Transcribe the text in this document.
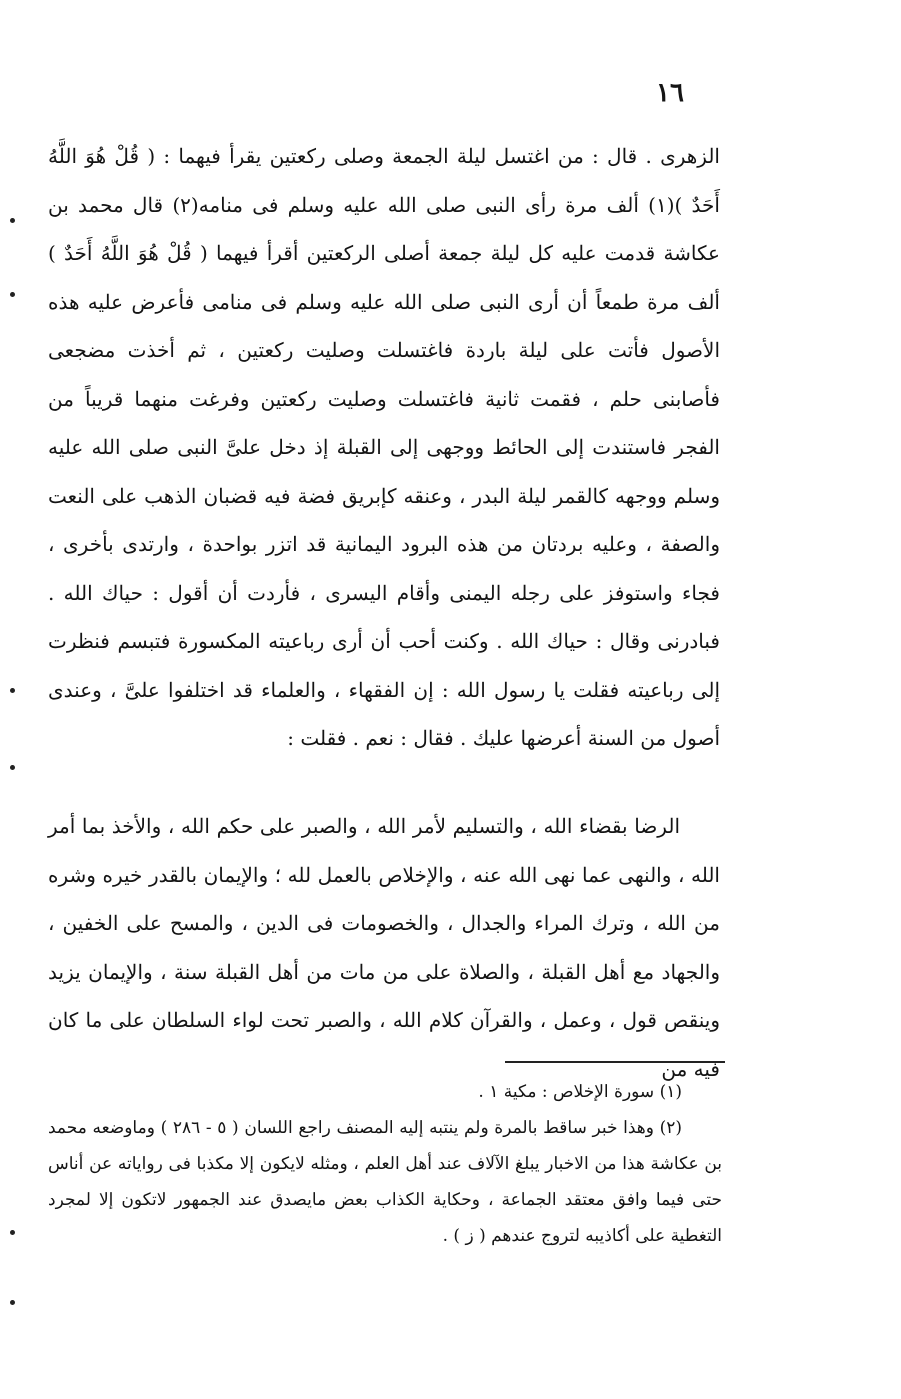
١٦

الزهرى . قال : من اغتسل ليلة الجمعة وصلى ركعتين يقرأ فيهما : ( قُلْ هُوَ اللَّهُ أَحَدٌ )(١) ألف مرة رأى النبى صلى الله عليه وسلم فى منامه(٢) قال محمد بن عكاشة قدمت عليه كل ليلة جمعة أصلى الركعتين أقرأ فيهما ( قُلْ هُوَ اللَّهُ أَحَدٌ ) ألف مرة طمعاً أن أرى النبى صلى الله عليه وسلم فى منامى فأعرض عليه هذه الأصول فأتت على ليلة باردة فاغتسلت وصليت ركعتين ، ثم أخذت مضجعى فأصابنى حلم ، فقمت ثانية فاغتسلت وصليت ركعتين وفرغت منهما قريباً من الفجر فاستندت إلى الحائط ووجهى إلى القبلة إذ دخل علىَّ النبى صلى الله عليه وسلم ووجهه كالقمر ليلة البدر ، وعنقه كإبريق فضة فيه قضبان الذهب على النعت والصفة ، وعليه بردتان من هذه البرود اليمانية قد اتزر بواحدة ، وارتدى بأخرى ، فجاء واستوفز على رجله اليمنى وأقام اليسرى ، فأردت أن أقول : حياك الله . فبادرنى وقال : حياك الله . وكنت أحب أن أرى رباعيته المكسورة فتبسم فنظرت إلى رباعيته فقلت يا رسول الله : إن الفقهاء ، والعلماء قد اختلفوا علىَّ ، وعندى أصول من السنة أعرضها عليك . فقال : نعم . فقلت :

الرضا بقضاء الله ، والتسليم لأمر الله ، والصبر على حكم الله ، والأخذ بما أمر الله ، والنهى عما نهى الله عنه ، والإخلاص بالعمل لله ؛ والإيمان بالقدر خيره وشره من الله ، وترك المراء والجدال ، والخصومات فى الدين ، والمسح على الخفين ، والجهاد مع أهل القبلة ، والصلاة على من مات من أهل القبلة سنة ، والإيمان يزيد وينقص قول ، وعمل ، والقرآن كلام الله ، والصبر تحت لواء السلطان على ما كان فيه من

(١) سورة الإخلاص : مكية ١ .

(٢) وهذا خبر ساقط بالمرة ولم ينتبه إليه المصنف راجع اللسان ( ٥ - ٢٨٦ ) وماوضعه محمد بن عكاشة هذا من الاخبار يبلغ الآلاف عند أهل العلم ، ومثله لايكون إلا مكذبا فى رواياته عن أناس حتى فيما وافق معتقد الجماعة ، وحكاية الكذاب بعض مايصدق عند الجمهور لاتكون إلا لمجرد التغطية على أكاذيبه لتروج عندهم ( ز ) .
